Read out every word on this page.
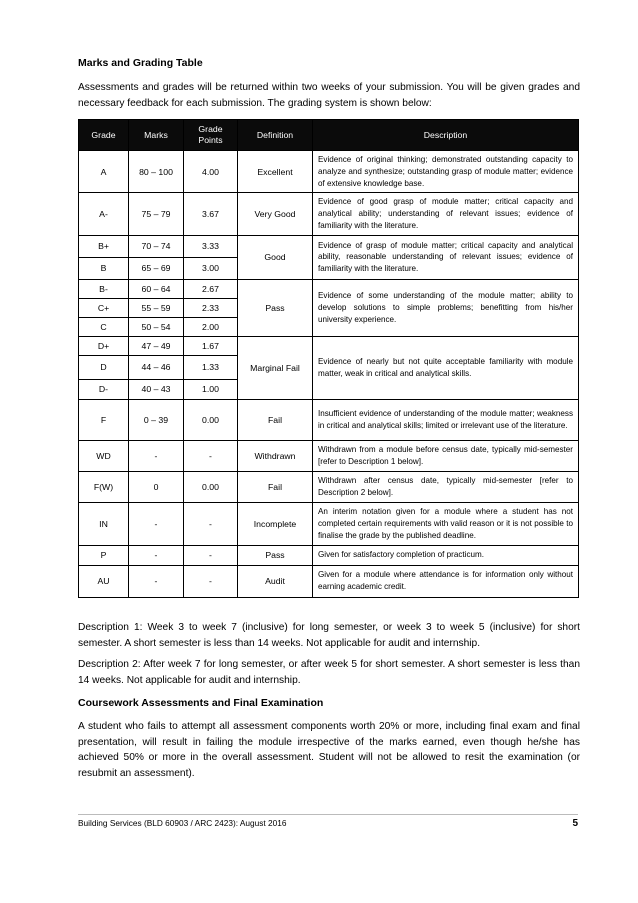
Marks and Grading Table
Assessments and grades will be returned within two weeks of your submission. You will be given grades and necessary feedback for each submission. The grading system is shown below:
Grade	Marks	Grade Points	Definition	Description
A	80 – 100	4.00	Excellent	Evidence of original thinking; demonstrated outstanding capacity to analyze and synthesize; outstanding grasp of module matter; evidence of extensive knowledge base.
A-	75 – 79	3.67	Very Good	Evidence of good grasp of module matter; critical capacity and analytical ability; understanding of relevant issues; evidence of familiarity with the literature.
B+	70 – 74	3.33	Good	Evidence of grasp of module matter; critical capacity and analytical ability, reasonable understanding of relevant issues; evidence of familiarity with the literature.
B	65 – 69	3.00		
B-	60 – 64	2.67	Pass	Evidence of some understanding of the module matter; ability to develop solutions to simple problems; benefitting from his/her university experience.
C+	55 – 59	2.33		
C	50 – 54	2.00		
D+	47 – 49	1.67	Marginal Fail	Evidence of nearly but not quite acceptable familiarity with module matter, weak in critical and analytical skills.
D	44 – 46	1.33		
D-	40 – 43	1.00		
F	0 – 39	0.00	Fail	Insufficient evidence of understanding of the module matter; weakness in critical and analytical skills; limited or irrelevant use of the literature.
WD	-	-	Withdrawn	Withdrawn from a module before census date, typically mid-semester [refer to Description 1 below].
F(W)	0	0.00	Fail	Withdrawn after census date, typically mid-semester [refer to Description 2 below].
IN	-	-	Incomplete	An interim notation given for a module where a student has not completed certain requirements with valid reason or it is not possible to finalise the grade by the published deadline.
P	-	-	Pass	Given for satisfactory completion of practicum.
AU	-	-	Audit	Given for a module where attendance is for information only without earning academic credit.
Description 1: Week 3 to week 7 (inclusive) for long semester, or week 3 to week 5 (inclusive) for short semester. A short semester is less than 14 weeks. Not applicable for audit and internship.
Description 2: After week 7 for long semester, or after week 5 for short semester. A short semester is less than 14 weeks. Not applicable for audit and internship.
Coursework Assessments and Final Examination
A student who fails to attempt all assessment components worth 20% or more, including final exam and final presentation, will result in failing the module irrespective of the marks earned, even though he/she has achieved 50% or more in the overall assessment. Student will not be allowed to resit the examination (or resubmit an assessment).
Building Services (BLD 60903 / ARC 2423): August 2016	5
